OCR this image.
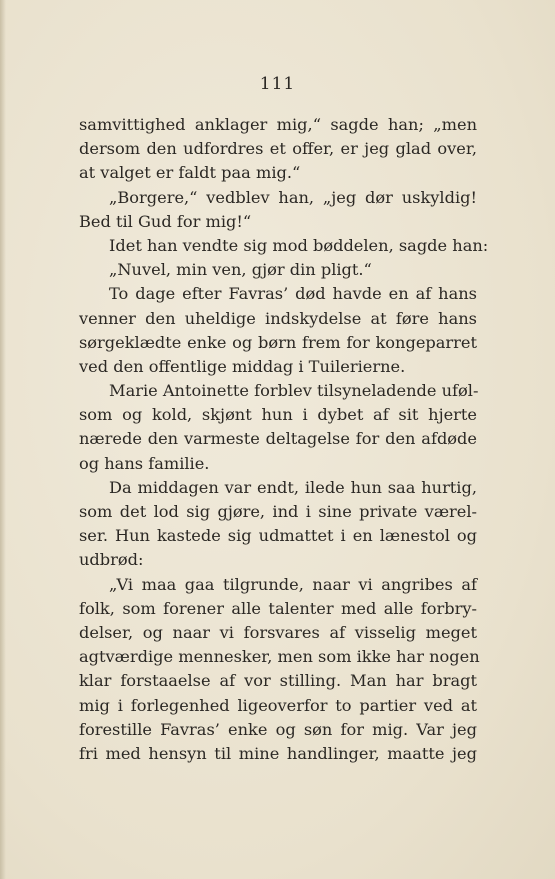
111
samvittighed anklager mig,“ sagde han; „men
dersom den udfordres et offer, er jeg glad over,
at valget er faldt paa mig.“
„Borgere,“ vedblev han, „jeg dør uskyldig!
Bed til Gud for mig!“
Idet han vendte sig mod bøddelen, sagde han:
„Nuvel, min ven, gjør din pligt.“
To dage efter Favras’ død havde en af hans
venner den uheldige indskydelse at føre hans
sørgeklædte enke og børn frem for kongeparret
ved den offentlige middag i Tuilerierne.
Marie Antoinette forblev tilsyneladende uføl-
som og kold, skjønt hun i dybet af sit hjerte
nærede den varmeste deltagelse for den afdøde
og hans familie.
Da middagen var endt, ilede hun saa hurtig,
som det lod sig gjøre, ind i sine private værel-
ser. Hun kastede sig udmattet i en lænestol og
udbrød:
„Vi maa gaa tilgrunde, naar vi angribes af
folk, som forener alle talenter med alle forbry-
delser, og naar vi forsvares af visselig meget
agtværdige mennesker, men som ikke har nogen
klar forstaaelse af vor stilling. Man har bragt
mig i forlegenhed ligeoverfor to partier ved at
forestille Favras’ enke og søn for mig. Var jeg
fri med hensyn til mine handlinger, maatte jeg
